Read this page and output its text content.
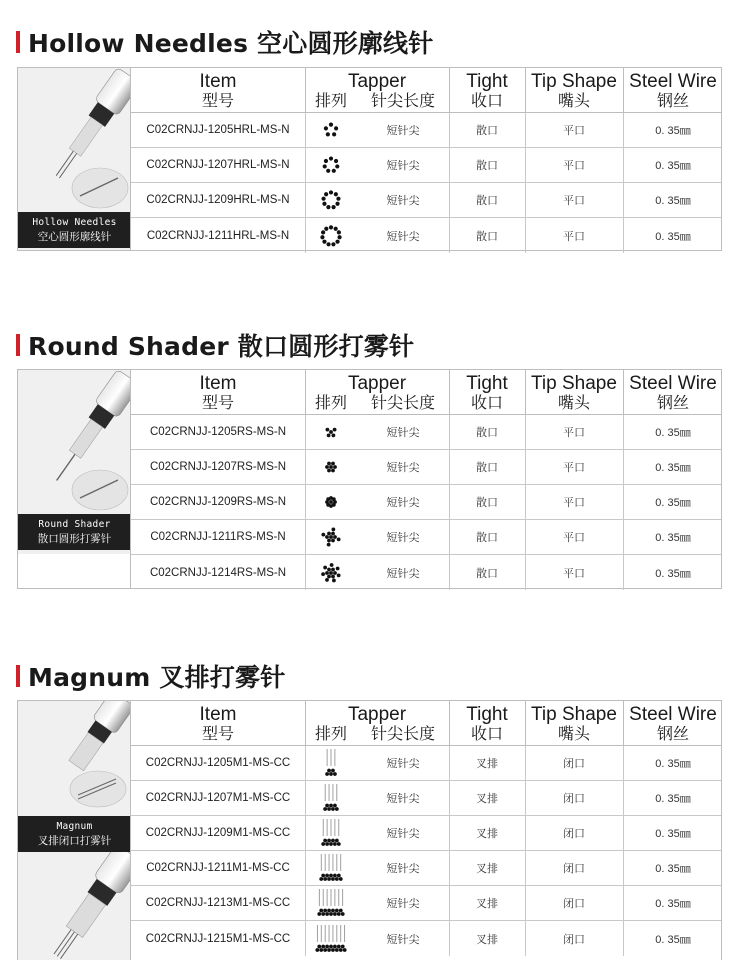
Hollow Needles 空心圆形廓线针
Hollow Needles
空心圆形廓线针
Item
型号
Tapper
排列	针尖长度
Tight
收口
Tip Shape
嘴头
Steel Wire
钢丝
C02CRNJJ-1205HRL-MS-N	短针尖	散口	平口	0. 35㎜
C02CRNJJ-1207HRL-MS-N	短针尖	散口	平口	0. 35㎜
C02CRNJJ-1209HRL-MS-N	短针尖	散口	平口	0. 35㎜
C02CRNJJ-1211HRL-MS-N	短针尖	散口	平口	0. 35㎜
Round Shader 散口圆形打雾针
Round Shader
散口圆形打雾针
Item
型号
Tapper
排列	针尖长度
Tight
收口
Tip Shape
嘴头
Steel Wire
钢丝
C02CRNJJ-1205RS-MS-N	短针尖	散口	平口	0. 35㎜
C02CRNJJ-1207RS-MS-N	短针尖	散口	平口	0. 35㎜
C02CRNJJ-1209RS-MS-N	短针尖	散口	平口	0. 35㎜
C02CRNJJ-1211RS-MS-N	短针尖	散口	平口	0. 35㎜
C02CRNJJ-1214RS-MS-N	短针尖	散口	平口	0. 35㎜
Magnum 叉排打雾针
Magnum
叉排闭口打雾针
Item
型号
Tapper
排列	针尖长度
Tight
收口
Tip Shape
嘴头
Steel Wire
钢丝
C02CRNJJ-1205M1-MS-CC	短针尖	叉排	闭口	0. 35㎜
C02CRNJJ-1207M1-MS-CC	短针尖	叉排	闭口	0. 35㎜
C02CRNJJ-1209M1-MS-CC	短针尖	叉排	闭口	0. 35㎜
C02CRNJJ-1211M1-MS-CC	短针尖	叉排	闭口	0. 35㎜
C02CRNJJ-1213M1-MS-CC	短针尖	叉排	闭口	0. 35㎜
C02CRNJJ-1215M1-MS-CC	短针尖	叉排	闭口	0. 35㎜
